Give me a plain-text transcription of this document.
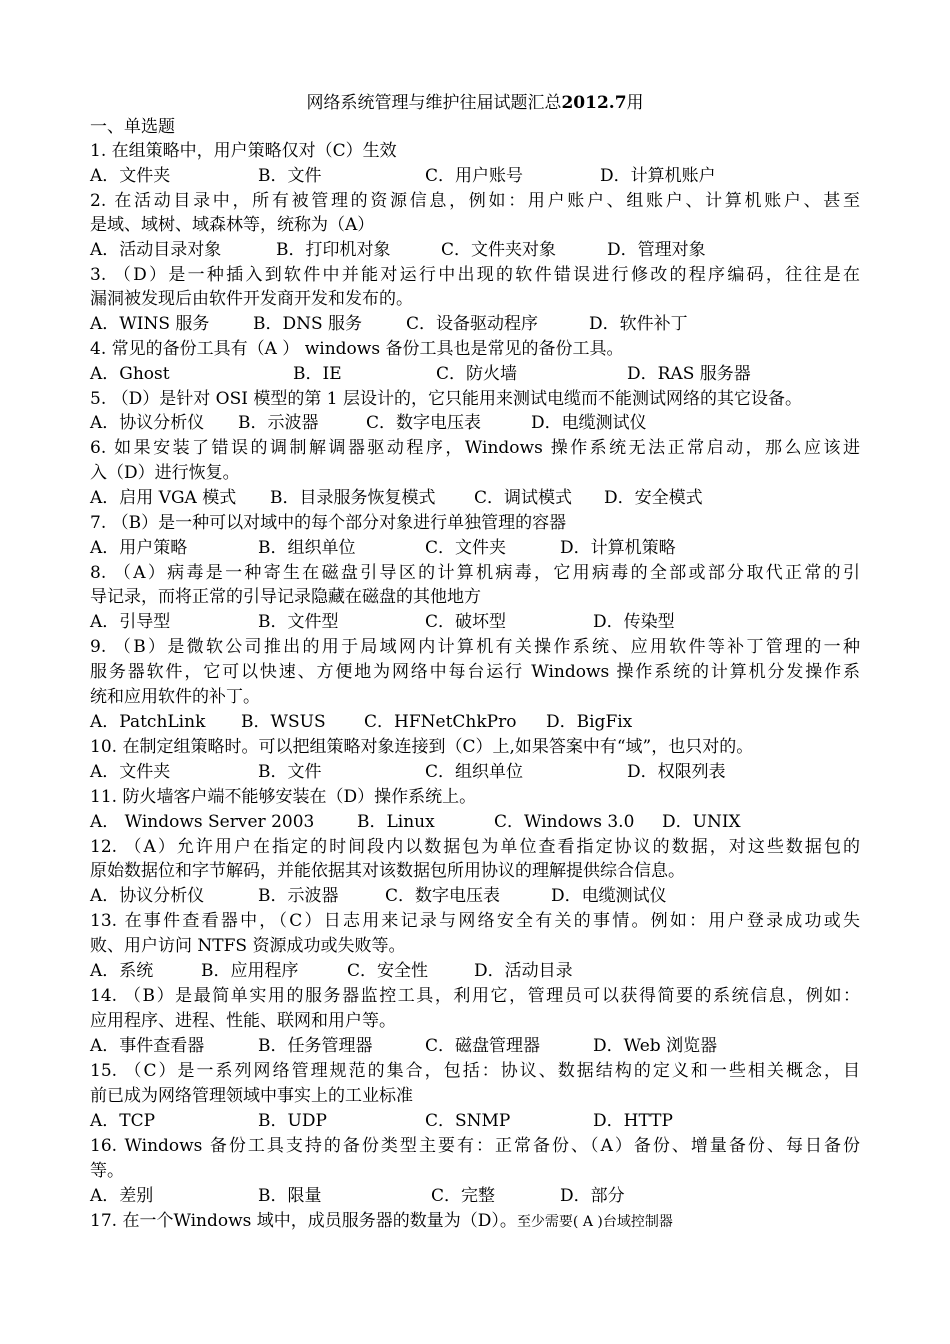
网络系统管理与维护往届试题汇总2012.7用
一、单选题
1. 在组策略中，用户策略仅对（C）生效
A．文件夹	B．文件	C．用户账号	D．计算机账户
2. 在活动目录中，所有被管理的资源信息，例如：用户账户、组账户、计算机账户、甚至
是域、域树、域森林等，统称为（A）
A．活动目录对象	B．打印机对象	C．文件夹对象	D．管理对象
3. （D）是一种插入到软件中并能对运行中出现的软件错误进行修改的程序编码，往往是在
漏洞被发现后由软件开发商开发和发布的。
A．WINS 服务	B．DNS 服务	C．设备驱动程序	D．软件补丁
4. 常见的备份工具有（A ） windows 备份工具也是常见的备份工具。
A．Ghost	B．IE	C．防火墙	D．RAS 服务器
5. （D）是针对 OSI 模型的第 1 层设计的，它只能用来测试电缆而不能测试网络的其它设备。
A．协议分析仪 B．示波器	C．数字电压表	D．电缆测试仪
6. 如果安装了错误的调制解调器驱动程序，Windows 操作系统无法正常启动，那么应该进
入（D）进行恢复。
A．启用 VGA 模式 B．目录服务恢复模式 C．调试模式 D．安全模式
7. （B）是一种可以对域中的每个部分对象进行单独管理的容器
A．用户策略	B．组织单位	C．文件夹	D．计算机策略
8. （A）病毒是一种寄生在磁盘引导区的计算机病毒，它用病毒的全部或部分取代正常的引
导记录，而将正常的引导记录隐藏在磁盘的其他地方
A．引导型	B．文件型	C．破坏型	D．传染型
9. （B）是微软公司推出的用于局域网内计算机有关操作系统、应用软件等补丁管理的一种
服务器软件，它可以快速、方便地为网络中每台运行 Windows 操作系统的计算机分发操作系
统和应用软件的补丁。
A．PatchLink B．WSUS C．HFNetChkPro D．BigFix
10. 在制定组策略时。可以把组策略对象连接到（C）上,如果答案中有“域”，也只对的。
A．文件夹	B．文件	C．组织单位	D．权限列表
11. 防火墙客户端不能够安装在（D）操作系统上。
A． Windows Server 2003	B．Linux	C．Windows 3.0 D．UNIX
12. （A）允许用户在指定的时间段内以数据包为单位查看指定协议的数据，对这些数据包的
原始数据位和字节解码，并能依据其对该数据包所用协议的理解提供综合信息。
A．协议分析仪	B．示波器	C．数字电压表	D．电缆测试仪
13. 在事件查看器中，（C）日志用来记录与网络安全有关的事情。例如：用户登录成功或失
败、用户访问 NTFS 资源成功或失败等。
A．系统	B．应用程序	C．安全性	D．活动目录
14. （B）是最简单实用的服务器监控工具，利用它，管理员可以获得简要的系统信息，例如：
应用程序、进程、性能、联网和用户等。
A．事件查看器	B．任务管理器	C．磁盘管理器	D．Web 浏览器
15. （C）是一系列网络管理规范的集合，包括：协议、数据结构的定义和一些相关概念，目
前已成为网络管理领域中事实上的工业标准
A．TCP	B．UDP	C．SNMP	D．HTTP
16. Windows 备份工具支持的备份类型主要有：正常备份、（A）备份、增量备份、每日备份
等。
A．差别	B．限量	C．完整	D．部分
17. 在一个Windows 域中，成员服务器的数量为（D）。至少需要( A )台域控制器
